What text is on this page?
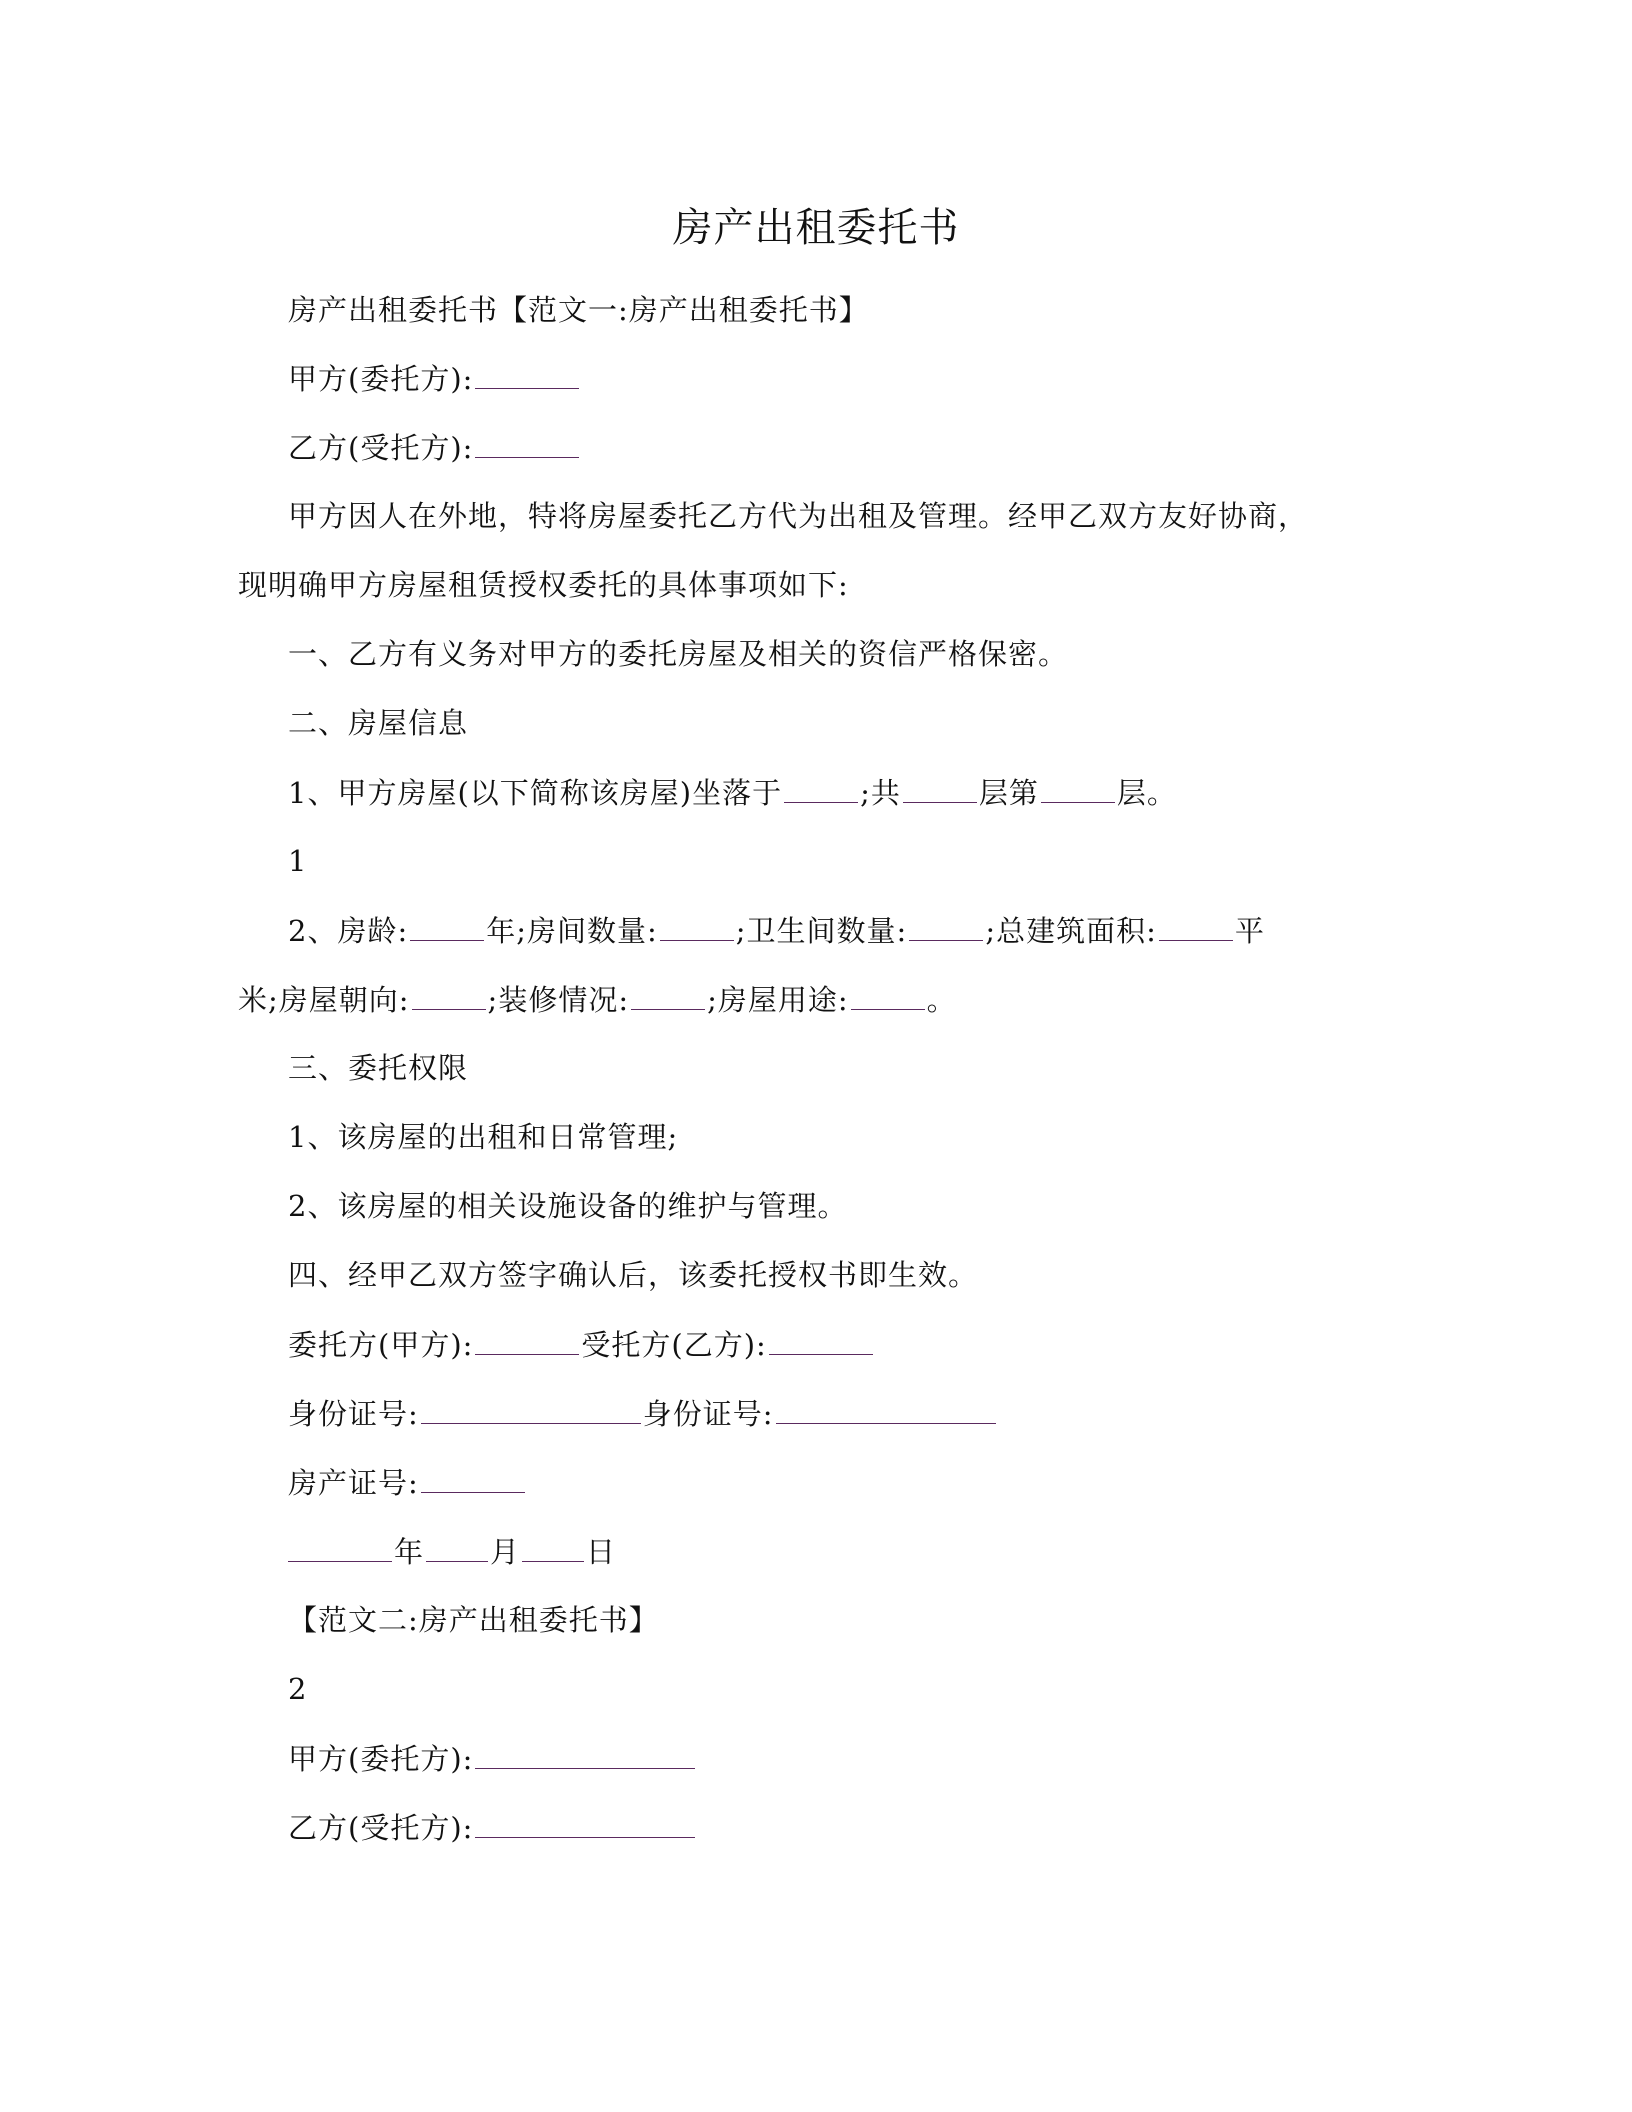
房产出租委托书
房产出租委托书【范文一:房产出租委托书】
甲方(委托方):
乙方(受托方):
甲方因人在外地，特将房屋委托乙方代为出租及管理。经甲乙双方友好协商，
现明确甲方房屋租赁授权委托的具体事项如下:
一、乙方有义务对甲方的委托房屋及相关的资信严格保密。
二、房屋信息
1、甲方房屋(以下简称该房屋)坐落于	;共	层第	层。
1
2、房龄:	年;房间数量:	;卫生间数量:	;总建筑面积:	平
米;房屋朝向:	;装修情况:	;房屋用途:	。
三、委托权限
1、该房屋的出租和日常管理;
2、该房屋的相关设施设备的维护与管理。
四、经甲乙双方签字确认后，该委托授权书即生效。
委托方(甲方):	受托方(乙方):
身份证号:	身份证号:
房产证号:
年 月 日
【范文二:房产出租委托书】
2
甲方(委托方):
乙方(受托方):
